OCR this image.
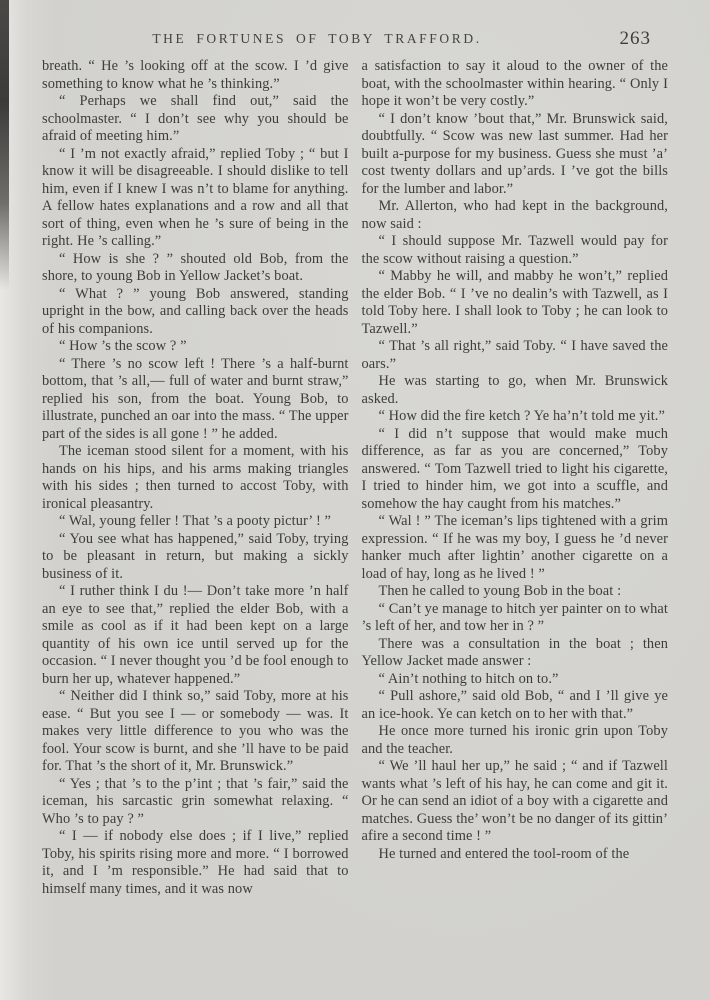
THE FORTUNES OF TOBY TRAFFORD.	263

breath. “ He ’s looking off at the scow. I ’d give something to know what he ’s thinking.”

“ Perhaps we shall find out,” said the schoolmaster. “ I don’t see why you should be afraid of meeting him.”

“ I ’m not exactly afraid,” replied Toby ; “ but I know it will be disagreeable. I should dislike to tell him, even if I knew I was n’t to blame for anything. A fellow hates explanations and a row and all that sort of thing, even when he ’s sure of being in the right. He ’s calling.”

“ How is she ? ” shouted old Bob, from the shore, to young Bob in Yellow Jacket’s boat.

“ What ? ” young Bob answered, standing upright in the bow, and calling back over the heads of his companions.

“ How ’s the scow ? ”

“ There ’s no scow left ! There ’s a half-burnt bottom, that ’s all,— full of water and burnt straw,” replied his son, from the boat. Young Bob, to illustrate, punched an oar into the mass. “ The upper part of the sides is all gone ! ” he added.

The iceman stood silent for a moment, with his hands on his hips, and his arms making triangles with his sides ; then turned to accost Toby, with ironical pleasantry.

“ Wal, young feller ! That ’s a pooty pictur’ ! ”

“ You see what has happened,” said Toby, trying to be pleasant in return, but making a sickly business of it.

“ I ruther think I du !— Don’t take more ’n half an eye to see that,” replied the elder Bob, with a smile as cool as if it had been kept on a large quantity of his own ice until served up for the occasion. “ I never thought you ’d be fool enough to burn her up, whatever happened.”

“ Neither did I think so,” said Toby, more at his ease. “ But you see I — or somebody — was. It makes very little difference to you who was the fool. Your scow is burnt, and she ’ll have to be paid for. That ’s the short of it, Mr. Brunswick.”

“ Yes ; that ’s to the p’int ; that ’s fair,” said the iceman, his sarcastic grin somewhat relaxing. “ Who ’s to pay ? ”

“ I — if nobody else does ; if I live,” replied Toby, his spirits rising more and more. “ I borrowed it, and I ’m responsible.” He had said that to himself many times, and it was now

a satisfaction to say it aloud to the owner of the boat, with the schoolmaster within hearing. “ Only I hope it won’t be very costly.”

“ I don’t know ’bout that,” Mr. Brunswick said, doubtfully. “ Scow was new last summer. Had her built a-purpose for my business. Guess she must ’a’ cost twenty dollars and up’ards. I ’ve got the bills for the lumber and labor.”

Mr. Allerton, who had kept in the background, now said :

“ I should suppose Mr. Tazwell would pay for the scow without raising a question.”

“ Mabby he will, and mabby he won’t,” replied the elder Bob. “ I ’ve no dealin’s with Tazwell, as I told Toby here. I shall look to Toby ; he can look to Tazwell.”

“ That ’s all right,” said Toby. “ I have saved the oars.”

He was starting to go, when Mr. Brunswick asked.

“ How did the fire ketch ? Ye ha’n’t told me yit.”

“ I did n’t suppose that would make much difference, as far as you are concerned,” Toby answered. “ Tom Tazwell tried to light his cigarette, I tried to hinder him, we got into a scuffle, and somehow the hay caught from his matches.”

“ Wal ! ” The iceman’s lips tightened with a grim expression. “ If he was my boy, I guess he ’d never hanker much after lightin’ another cigarette on a load of hay, long as he lived ! ”

Then he called to young Bob in the boat :

“ Can’t ye manage to hitch yer painter on to what ’s left of her, and tow her in ? ”

There was a consultation in the boat ; then Yellow Jacket made answer :

“ Ain’t nothing to hitch on to.”

“ Pull ashore,” said old Bob, “ and I ’ll give ye an ice-hook. Ye can ketch on to her with that.”

He once more turned his ironic grin upon Toby and the teacher.

“ We ’ll haul her up,” he said ; “ and if Tazwell wants what ’s left of his hay, he can come and git it. Or he can send an idiot of a boy with a cigarette and matches. Guess the’ won’t be no danger of its gittin’ afire a second time ! ”

He turned and entered the tool-room of the
